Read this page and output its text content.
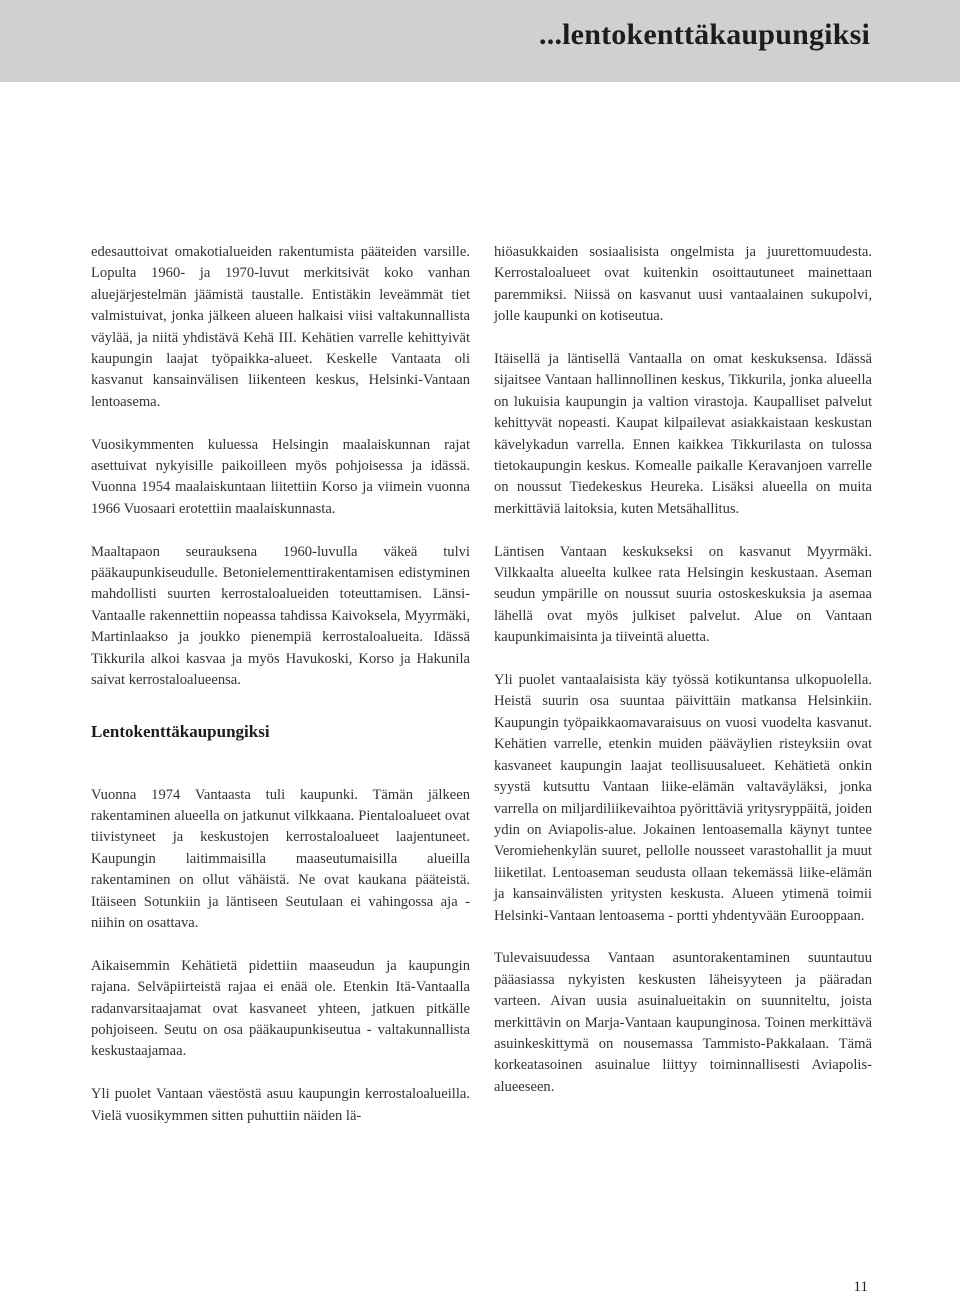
...lentokenttäkaupungiksi

edesauttoivat omakotialueiden rakentumista pääteiden varsille. Lopulta 1960- ja 1970-luvut merkitsivät koko vanhan aluejärjestelmän jäämistä taustalle. Entistäkin leveämmät tiet valmistuivat, jonka jälkeen alueen halkaisi viisi valtakunnallista väylää, ja niitä yhdistävä Kehä III. Kehätien varrelle kehittyivät kaupungin laajat työpaikka-alueet. Keskelle Vantaata oli kasvanut kansainvälisen liikenteen keskus, Helsinki-Vantaan lentoasema.

Vuosikymmenten kuluessa Helsingin maalaiskunnan rajat asettuivat nykyisille paikoilleen myös pohjoisessa ja idässä. Vuonna 1954 maalaiskuntaan liitettiin Korso ja viimein vuonna 1966 Vuosaari erotettiin maalaiskunnasta.

Maaltapaon seurauksena 1960-luvulla väkeä tulvi pääkaupunkiseudulle. Betonielementtirakentamisen edistyminen mahdollisti suurten kerrostaloalueiden toteuttamisen. Länsi-Vantaalle rakennettiin nopeassa tahdissa Kaivoksela, Myyrmäki, Martinlaakso ja joukko pienempiä kerrostaloalueita. Idässä Tikkurila alkoi kasvaa ja myös Havukoski, Korso ja Hakunila saivat kerrostaloalueensa.

Lentokenttäkaupungiksi

Vuonna 1974 Vantaasta tuli kaupunki. Tämän jälkeen rakentaminen alueella on jatkunut vilkkaana. Pientaloalueet ovat tiivistyneet ja keskustojen kerrostaloalueet laajentuneet. Kaupungin laitimmaisilla maaseutumaisilla alueilla rakentaminen on ollut vähäistä. Ne ovat kaukana pääteistä. Itäiseen Sotunkiin ja läntiseen Seutulaan ei vahingossa aja - niihin on osattava.

Aikaisemmin Kehätietä pidettiin maaseudun ja kaupungin rajana. Selväpiirteistä rajaa ei enää ole. Etenkin Itä-Vantaalla radanvarsitaajamat ovat kasvaneet yhteen, jatkuen pitkälle pohjoiseen. Seutu on osa pääkaupunkiseutua - valtakunnallista keskustaajamaa.

Yli puolet Vantaan väestöstä asuu kaupungin kerrostaloalueilla. Vielä vuosikymmen sitten puhuttiin näiden lä-

hiöasukkaiden sosiaalisista ongelmista ja juurettomuudesta. Kerrostaloalueet ovat kuitenkin osoittautuneet mainettaan paremmiksi. Niissä on kasvanut uusi vantaalainen sukupolvi, jolle kaupunki on kotiseutua.

Itäisellä ja läntisellä Vantaalla on omat keskuksensa. Idässä sijaitsee Vantaan hallinnollinen keskus, Tikkurila, jonka alueella on lukuisia kaupungin ja valtion virastoja. Kaupalliset palvelut kehittyvät nopeasti. Kaupat kilpailevat asiakkaistaan keskustan kävelykadun varrella. Ennen kaikkea Tikkurilasta on tulossa tietokaupungin keskus. Komealle paikalle Keravanjoen varrelle on noussut Tiedekeskus Heureka. Lisäksi alueella on muita merkittäviä laitoksia, kuten Metsähallitus.

Läntisen Vantaan keskukseksi on kasvanut Myyrmäki. Vilkkaalta alueelta kulkee rata Helsingin keskustaan. Aseman seudun ympärille on noussut suuria ostoskeskuksia ja asemaa lähellä ovat myös julkiset palvelut. Alue on Vantaan kaupunkimaisinta ja tiiveintä aluetta.

Yli puolet vantaalaisista käy työssä kotikuntansa ulkopuolella. Heistä suurin osa suuntaa päivittäin matkansa Helsinkiin. Kaupungin työpaikkaomavaraisuus on vuosi vuodelta kasvanut. Kehätien varrelle, etenkin muiden pääväylien risteyksiin ovat kasvaneet kaupungin laajat teollisuusalueet. Kehätietä onkin syystä kutsuttu Vantaan liike-elämän valtaväyläksi, jonka varrella on miljardiliikevaihtoa pyörittäviä yritysryppäitä, joiden ydin on Aviapolis-alue. Jokainen lentoasemalla käynyt tuntee Veromiehenkylän suuret, pellolle nousseet varastohallit ja muut liiketilat. Lentoaseman seudusta ollaan tekemässä liike-elämän ja kansainvälisten yritysten keskusta. Alueen ytimenä toimii Helsinki-Vantaan lentoasema - portti yhdentyvään Eurooppaan.

Tulevaisuudessa Vantaan asuntorakentaminen suuntautuu pääasiassa nykyisten keskusten läheisyyteen ja pääradan varteen. Aivan uusia asuinalueitakin on suunniteltu, joista merkittävin on Marja-Vantaan kaupunginosa. Toinen merkittävä asuinkeskittymä on nousemassa Tammisto-Pakkalaan. Tämä korkeatasoinen asuinalue liittyy toiminnallisesti Aviapolis-alueeseen.

11
